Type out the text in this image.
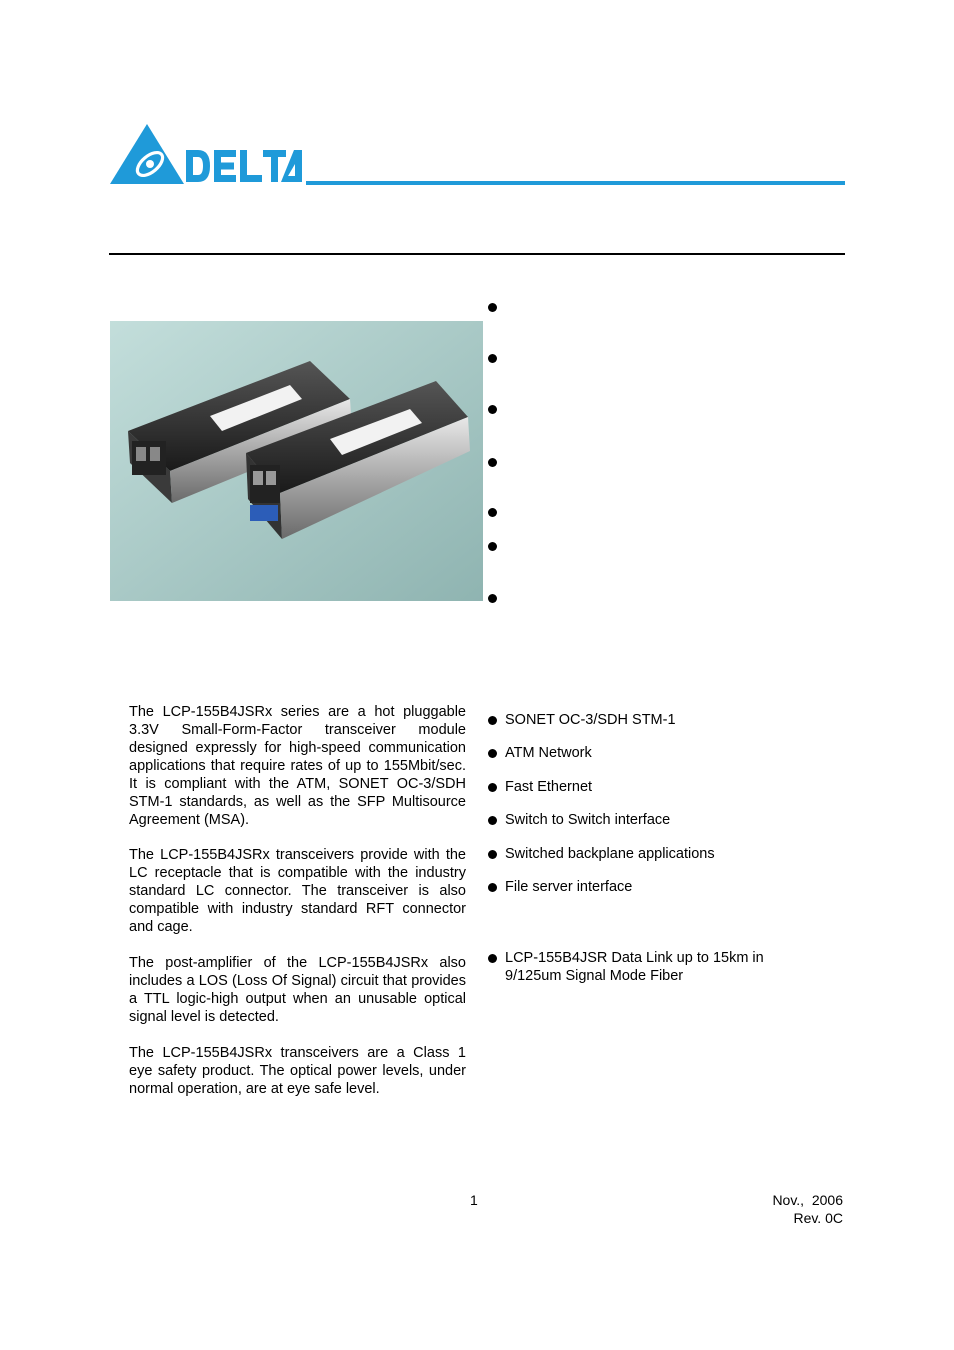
The LCP-155B4JSRx series are a hot pluggable 3.3V Small-Form-Factor transceiver module designed expressly for high-speed communication applications that require rates of up to 155Mbit/sec. It is compliant with the ATM, SONET OC-3/SDH STM-1 standards, as well as the SFP Multisource Agreement (MSA).
The LCP-155B4JSRx transceivers provide with the LC receptacle that is compatible with the industry standard LC connector. The transceiver is also compatible with industry standard RFT connector and cage.
The post-amplifier of the LCP-155B4JSRx also includes a LOS (Loss Of Signal) circuit that provides a TTL logic-high output when an unusable optical signal level is detected.
The LCP-155B4JSRx transceivers are a Class 1 eye safety product. The optical power levels, under normal operation, are at eye safe level.
SONET OC-3/SDH STM-1
ATM Network
Fast Ethernet
Switch to Switch interface
Switched backplane applications
File server interface
LCP-155B4JSR Data Link up to 15km in 9/125um Signal Mode Fiber
1	Nov.,  2006
Rev. 0C
